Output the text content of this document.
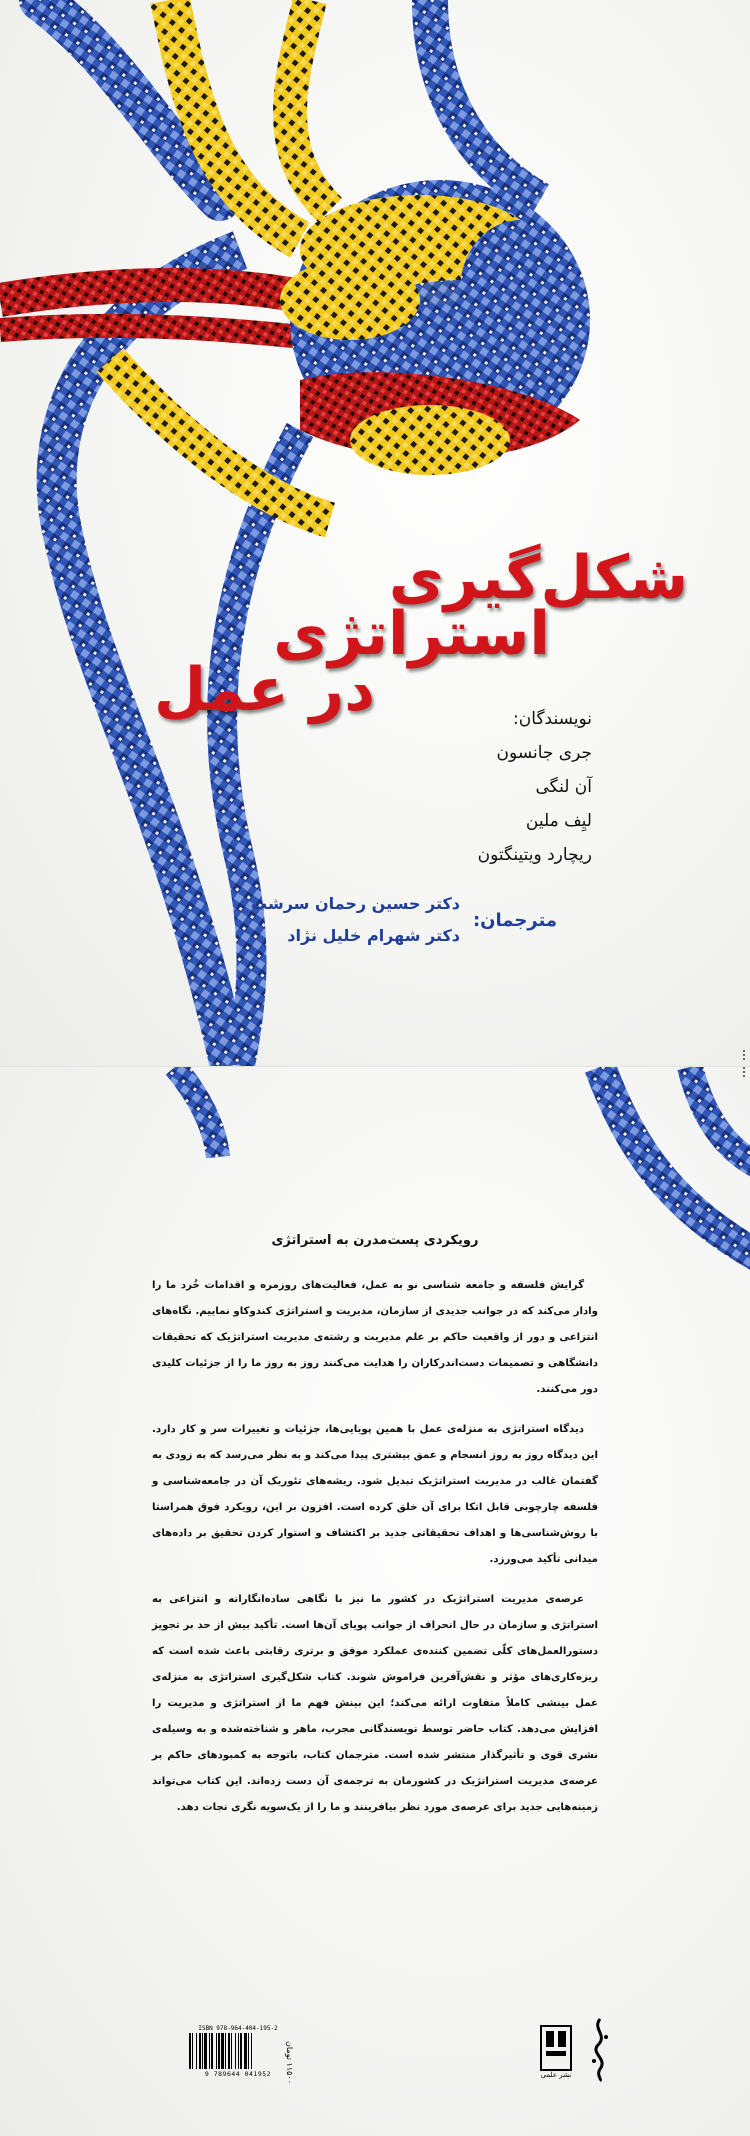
شکل‌گیری
استراتژی
در عمل	نویسندگان:
جری جانسون
آن لنگی
لیِف ملین
ریچارد ویتینگتون
مترجمان:
دکتر حسین رحمان سرشت
دکتر شهرام خلیل نژاد
رویکردی پست‌مدرن به استراتژی

گرایش فلسفه و جامعه شناسی نو به عمل، فعالیت‌های روزمره و اقدامات خُرد ما را وادار می‌کند که در جوانب جدیدی از سازمان، مدیریت و استراتژی کندوکاو نماییم. نگاه‌های انتزاعی و دور از واقعیت حاکم بر علم مدیریت و رشته‌ی مدیریت استراتژیک که تحقیقات دانشگاهی و تصمیمات دست‌اندرکاران را هدایت می‌کنند روز به روز ما را از جزئیات کلیدی دور می‌کنند.

دیدگاه استراتژی به منزله‌ی عمل با همین پویایی‌ها، جزئیات و تغییرات سر و کار دارد. این دیدگاه روز به روز انسجام و عمق بیشتری پیدا می‌کند و به نظر می‌رسد که به زودی به گفتمان غالب در مدیریت استراتژیک تبدیل شود. ریشه‌های تئوریک آن در جامعه‌شناسی و فلسفه چارچوبی قابل اتکا برای آن خلق کرده است. افزون بر این، رویکرد فوق همراستا با روش‌شناسی‌ها و اهداف تحقیقاتی جدید بر اکتشاف و استوار کردن تحقیق بر داده‌های میدانی تأکید می‌ورزد.

عرصه‌ی مدیریت استراتژیک در کشور ما نیز با نگاهی ساده‌انگارانه و انتزاعی به استراتژی و سازمان در حال انحراف از جوانب پویای آن‌ها است. تأکید بیش از حد بر تجویز دستورالعمل‌های کلّی تضمین کننده‌ی عملکرد موفق و برتری رقابتی باعث شده است که ریزه‌کاری‌های مؤثر و نقش‌آفرین فراموش شوند. کتاب شکل‌گیری استراتژی به منزله‌ی عمل بینشی کاملاً متفاوت ارائه می‌کند؛ این بینش فهم ما از استراتژی و مدیریت را افزایش می‌دهد. کتاب حاضر توسط نویسندگانی مجرب، ماهر و شناخته‌شده و به وسیله‌ی نشری قوی و تأثیرگذار منتشر شده است. مترجمان کتاب، باتوجه به کمبودهای حاکم بر عرصه‌ی مدیریت استراتژیک در کشورمان به ترجمه‌ی آن دست زده‌اند. این کتاب می‌تواند زمینه‌هایی جدید برای عرصه‌ی مورد نظر بیافرینند و ما را از یک‌سویه نگری نجات دهد.

ISBN 978-964-404-195-2
9 789644 041952
۱۱۵۰۰ تومان	نشر علمی
